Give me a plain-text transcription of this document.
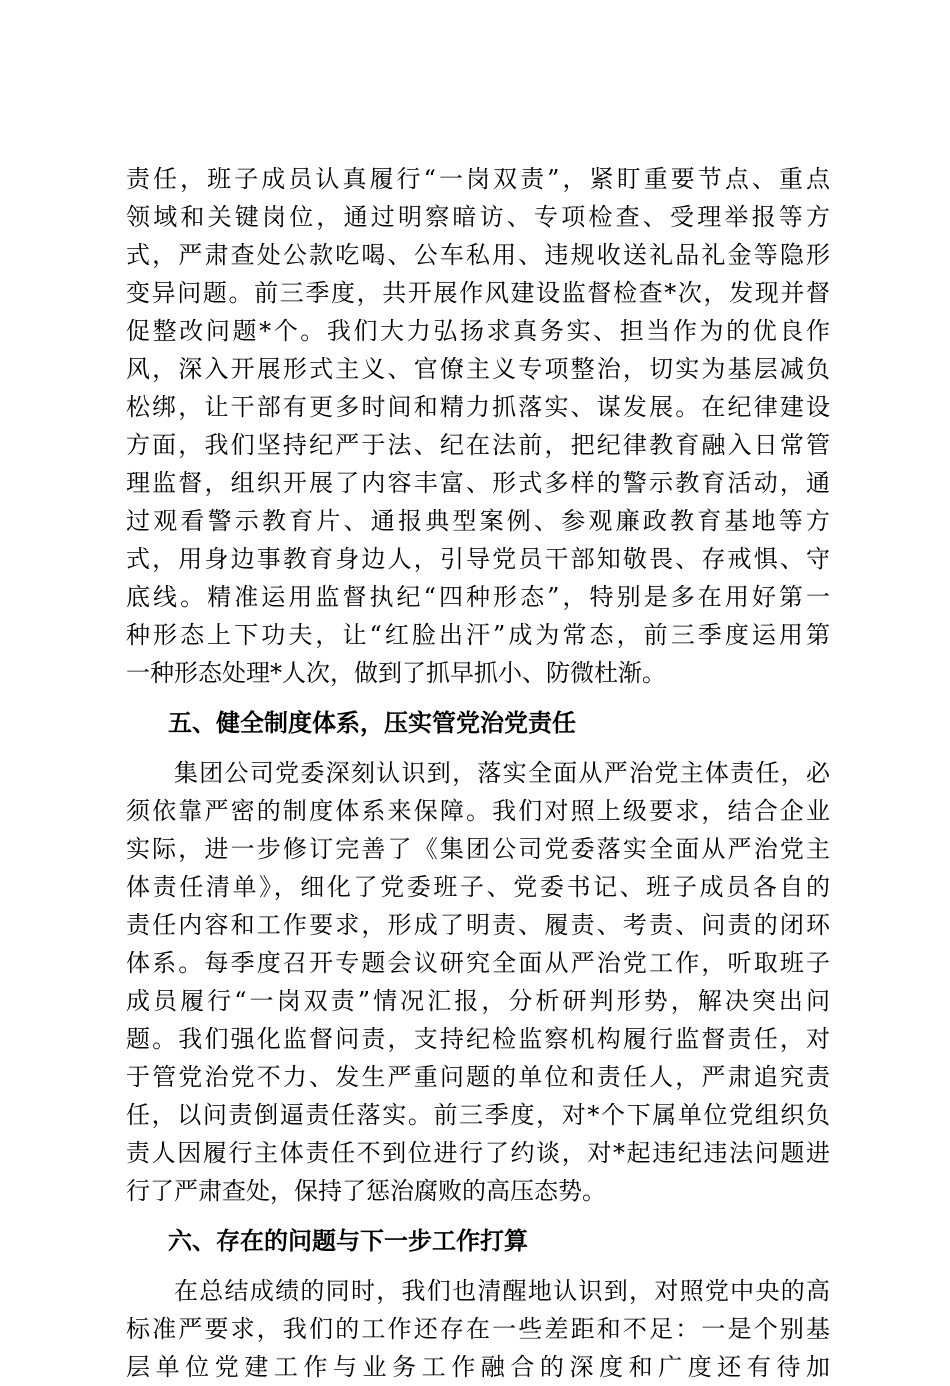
责任，班子成员认真履行“一岗双责”，紧盯重要节点、重点
领域和关键岗位，通过明察暗访、专项检查、受理举报等方
式，严肃查处公款吃喝、公车私用、违规收送礼品礼金等隐形
变异问题。前三季度，共开展作风建设监督检查*次，发现并督
促整改问题*个。我们大力弘扬求真务实、担当作为的优良作
风，深入开展形式主义、官僚主义专项整治，切实为基层减负
松绑，让干部有更多时间和精力抓落实、谋发展。在纪律建设
方面，我们坚持纪严于法、纪在法前，把纪律教育融入日常管
理监督，组织开展了内容丰富、形式多样的警示教育活动，通
过观看警示教育片、通报典型案例、参观廉政教育基地等方
式，用身边事教育身边人，引导党员干部知敬畏、存戒惧、守
底线。精准运用监督执纪“四种形态”，特别是多在用好第一
种形态上下功夫，让“红脸出汗”成为常态，前三季度运用第
一种形态处理*人次，做到了抓早抓小、防微杜渐。
五、健全制度体系，压实管党治党责任
集团公司党委深刻认识到，落实全面从严治党主体责任，必
须依靠严密的制度体系来保障。我们对照上级要求，结合企业
实际，进一步修订完善了《集团公司党委落实全面从严治党主
体责任清单》，细化了党委班子、党委书记、班子成员各自的
责任内容和工作要求，形成了明责、履责、考责、问责的闭环
体系。每季度召开专题会议研究全面从严治党工作，听取班子
成员履行“一岗双责”情况汇报，分析研判形势，解决突出问
题。我们强化监督问责，支持纪检监察机构履行监督责任，对
于管党治党不力、发生严重问题的单位和责任人，严肃追究责
任，以问责倒逼责任落实。前三季度，对*个下属单位党组织负
责人因履行主体责任不到位进行了约谈，对*起违纪违法问题进
行了严肃查处，保持了惩治腐败的高压态势。
六、存在的问题与下一步工作打算
在总结成绩的同时，我们也清醒地认识到，对照党中央的高
标准严要求，我们的工作还存在一些差距和不足：一是个别基
层单位党建工作与业务工作融合的深度和广度还有待加
